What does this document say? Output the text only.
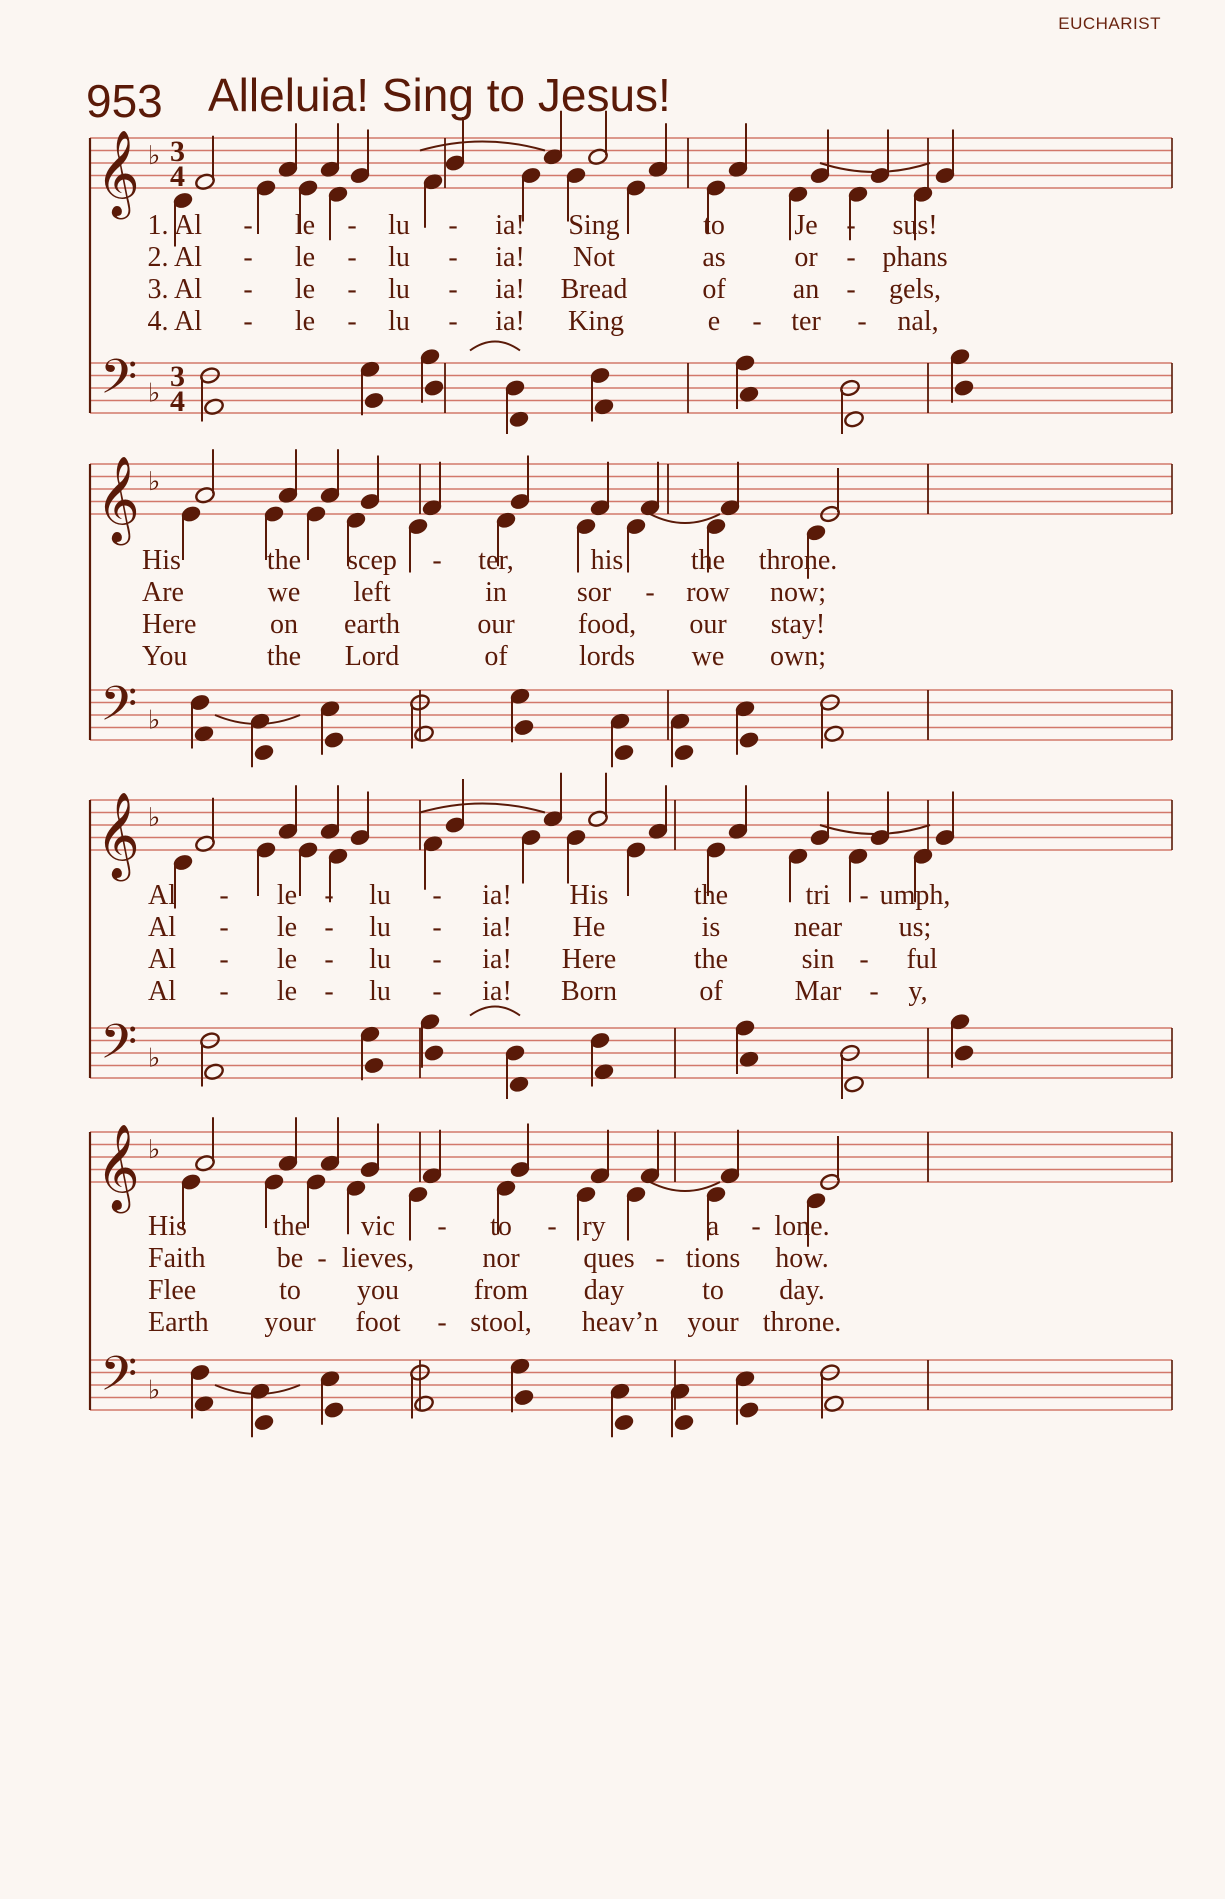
EUCHARIST
953 Alleluia! Sing to Jesus!
𝄞
𝄢
♭
♭
3
4
3
4
1. Al - le - lu - ia! Sing	to Je - sus!
2. Al - le - lu - ia! Not	as or - phans
3. Al - le - lu - ia! Bread	of an - gels,
4. Al - le - lu - ia! King	e - ter - nal,
𝄞
𝄢
♭
♭
His	the scep - ter,	his the throne.
Are	we left	in sor - row now;
Here	on earth	our food, our stay!
You	the Lord	of	lords we own;
𝄞
𝄢
♭
♭
Al - le - lu - ia! His	the	tri - umph,
Al - le - lu - ia! He	is	near us;
Al - le - lu - ia! Here	the	sin - ful
Al - le - lu - ia! Born	of	Mar - y,
𝄞
𝄢
♭
♭
His	the vic - to - ry	a - lone.
Faith	be - lieves, nor ques - tions how.
Flee	to you	from day	to day.
Earth your foot - stool, heav’n your throne.
